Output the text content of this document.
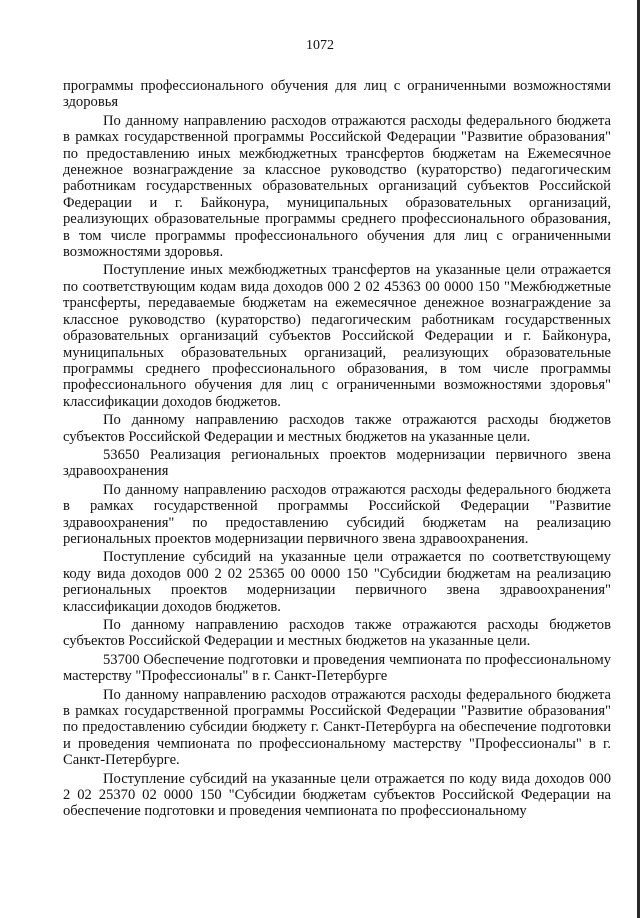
1072

программы профессионального обучения для лиц с ограниченными возможностями здоровья

По данному направлению расходов отражаются расходы федерального бюджета в рамках государственной программы Российской Федерации "Развитие образования" по предоставлению иных межбюджетных трансфертов бюджетам на Ежемесячное денежное вознаграждение за классное руководство (кураторство) педагогическим работникам государственных образовательных организаций субъектов Российской Федерации и г. Байконура, муниципальных образовательных организаций, реализующих образовательные программы среднего профессионального образования, в том числе программы профессионального обучения для лиц с ограниченными возможностями здоровья.

Поступление иных межбюджетных трансфертов на указанные цели отражается по соответствующим кодам вида доходов 000 2 02 45363 00 0000 150 "Межбюджетные трансферты, передаваемые бюджетам на ежемесячное денежное вознаграждение за классное руководство (кураторство) педагогическим работникам государственных образовательных организаций субъектов Российской Федерации и г. Байконура, муниципальных образовательных организаций, реализующих образовательные программы среднего профессионального образования, в том числе программы профессионального обучения для лиц с ограниченными возможностями здоровья" классификации доходов бюджетов.

По данному направлению расходов также отражаются расходы бюджетов субъектов Российской Федерации и местных бюджетов на указанные цели.

53650 Реализация региональных проектов модернизации первичного звена здравоохранения

По данному направлению расходов отражаются расходы федерального бюджета в рамках государственной программы Российской Федерации "Развитие здравоохранения" по предоставлению субсидий бюджетам на реализацию региональных проектов модернизации первичного звена здравоохранения.

Поступление субсидий на указанные цели отражается по соответствующему коду вида доходов 000 2 02 25365 00 0000 150 "Субсидии бюджетам на реализацию региональных проектов модернизации первичного звена здравоохранения" классификации доходов бюджетов.

По данному направлению расходов также отражаются расходы бюджетов субъектов Российской Федерации и местных бюджетов на указанные цели.

53700 Обеспечение подготовки и проведения чемпионата по профессиональному мастерству "Профессионалы" в г. Санкт-Петербурге

По данному направлению расходов отражаются расходы федерального бюджета в рамках государственной программы Российской Федерации "Развитие образования" по предоставлению субсидии бюджету г. Санкт-Петербурга на обеспечение подготовки и проведения чемпионата по профессиональному мастерству "Профессионалы" в г. Санкт-Петербурге.

Поступление субсидий на указанные цели отражается по коду вида доходов 000 2 02 25370 02 0000 150 "Субсидии бюджетам субъектов Российской Федерации на обеспечение подготовки и проведения чемпионата по профессиональному
